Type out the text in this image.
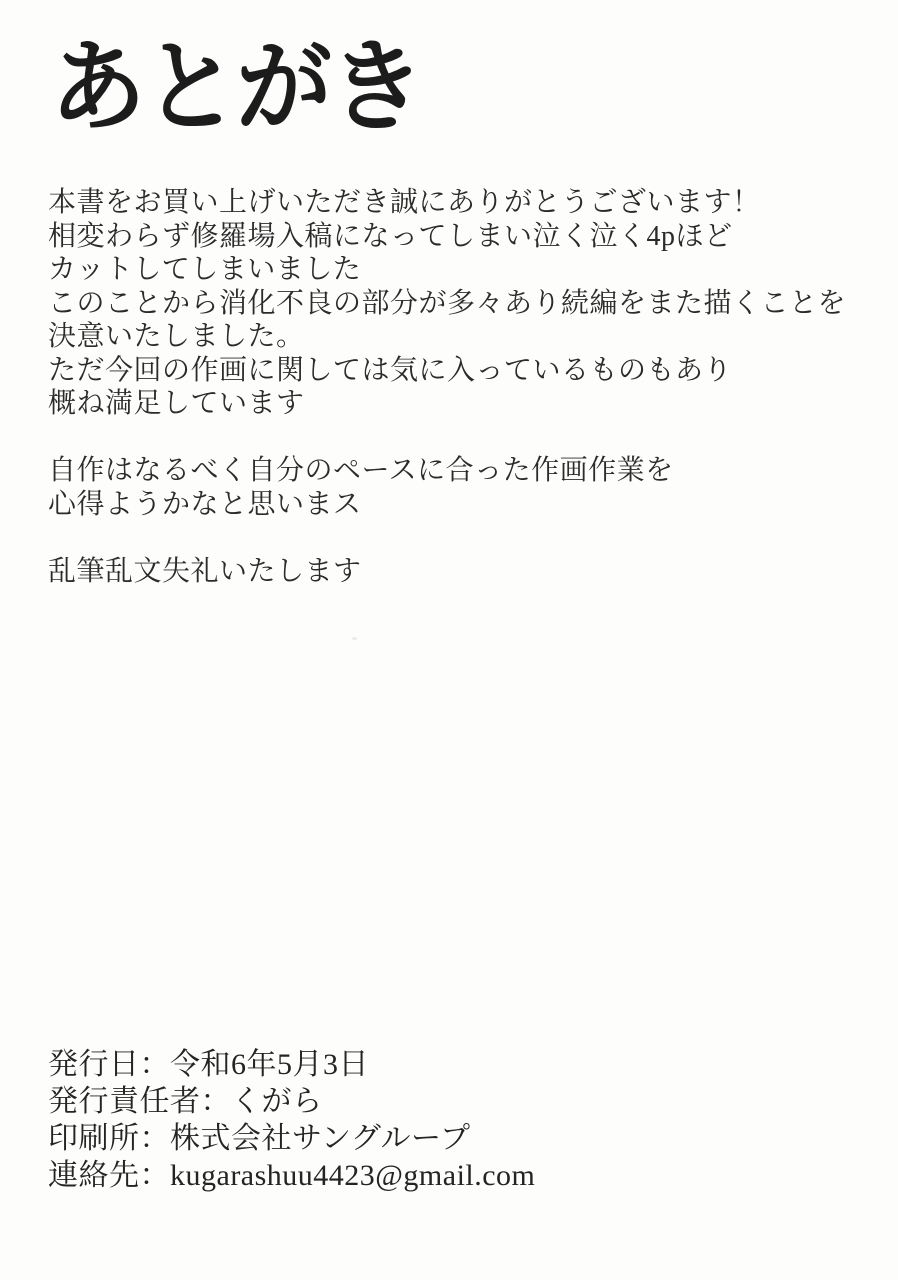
あとがき
本書をお買い上げいただき誠にありがとうございます！
相変わらず修羅場入稿になってしまい泣く泣く4pほど
カットしてしまいました
このことから消化不良の部分が多々あり続編をまた描くことを
決意いたしました。
ただ今回の作画に関しては気に入っているものもあり
概ね満足しています
自作はなるべく自分のペースに合った作画作業を
心得ようかなと思いまス
乱筆乱文失礼いたします
発行日：令和6年5月3日
発行責任者：くがら
印刷所：株式会社サングループ
連絡先：kugarashuu4423@gmail.com
